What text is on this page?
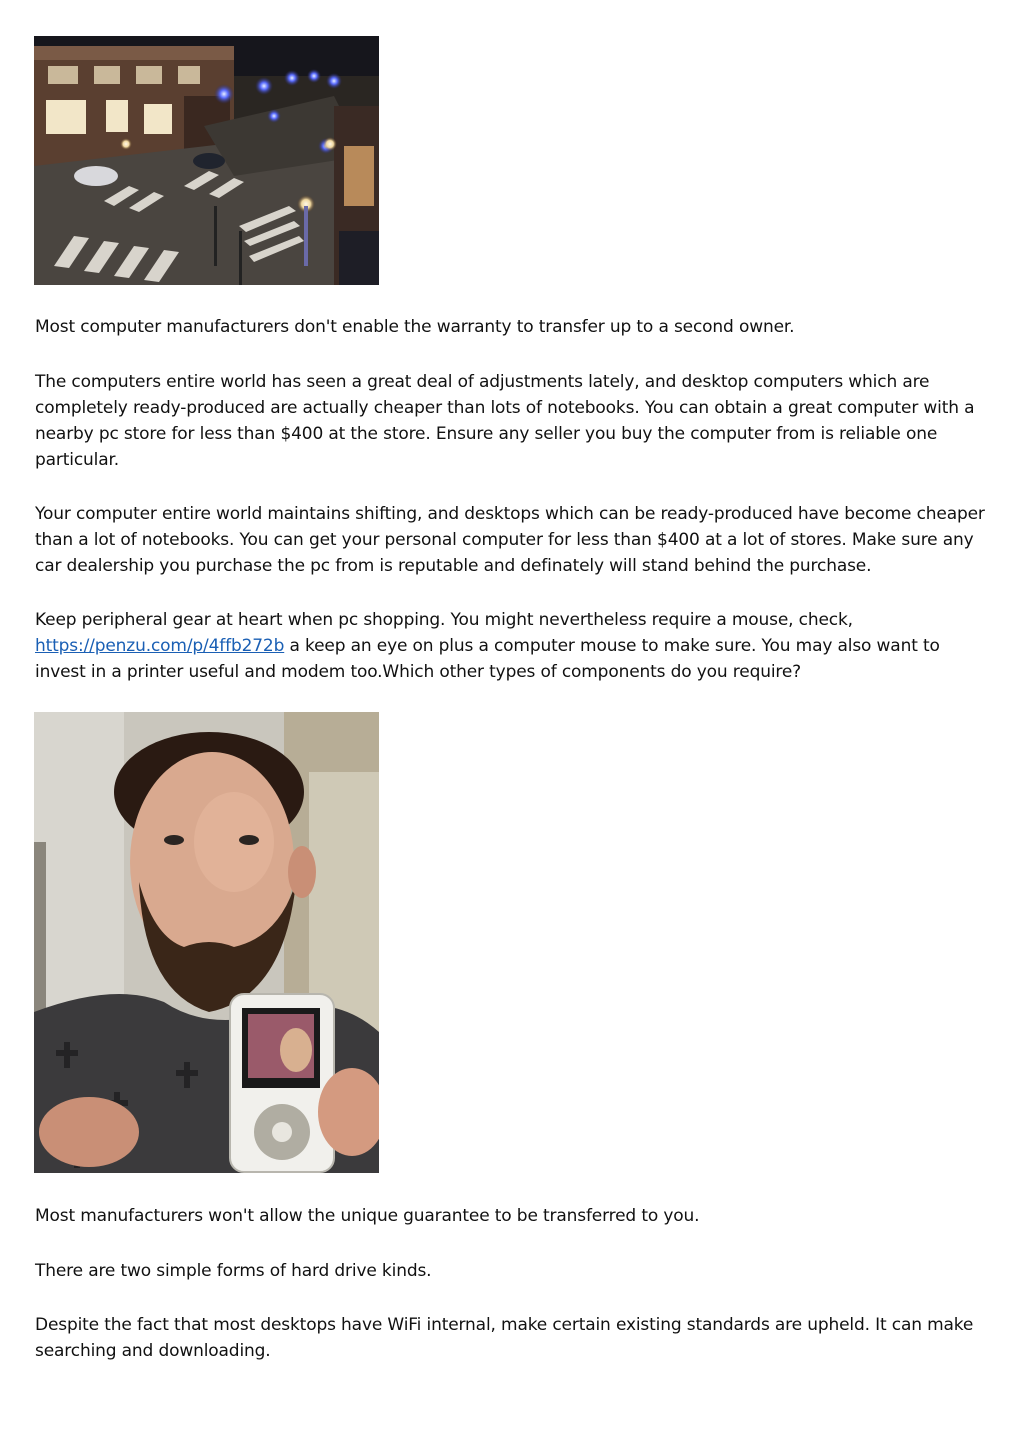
Most computer manufacturers don't enable the warranty to transfer up to a second owner.

The computers entire world has seen a great deal of adjustments lately, and desktop computers which are completely ready-produced are actually cheaper than lots of notebooks. You can obtain a great computer with a nearby pc store for less than $400 at the store. Ensure any seller you buy the computer from is reliable one particular.

Your computer entire world maintains shifting, and desktops which can be ready-produced have become cheaper than a lot of notebooks. You can get your personal computer for less than $400 at a lot of stores. Make sure any car dealership you purchase the pc from is reputable and definately will stand behind the purchase.

Keep peripheral gear at heart when pc shopping. You might nevertheless require a mouse, check, https://penzu.com/p/4ffb272b a keep an eye on plus a computer mouse to make sure. You may also want to invest in a printer useful and modem too.Which other types of components do you require?

Most manufacturers won't allow the unique guarantee to be transferred to you.

There are two simple forms of hard drive kinds.

Despite the fact that most desktops have WiFi internal, make certain existing standards are upheld. It can make searching and downloading.
